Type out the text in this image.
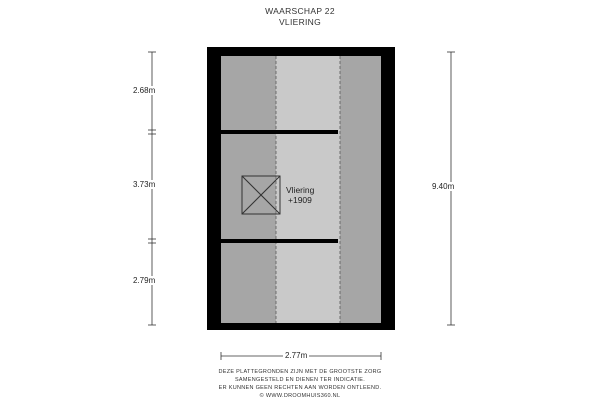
WAARSCHAP 22
VLIERING
2.68m
3.73m
2.79m
9.40m
2.77m
Vliering
+1909
DEZE PLATTEGRONDEN ZIJN MET DE GROOTSTE ZORG
SAMENGESTELD EN DIENEN TER INDICATIE.
ER KUNNEN GEEN RECHTEN AAN WORDEN ONTLEEND.
© WWW.DROOMHUIS360.NL
